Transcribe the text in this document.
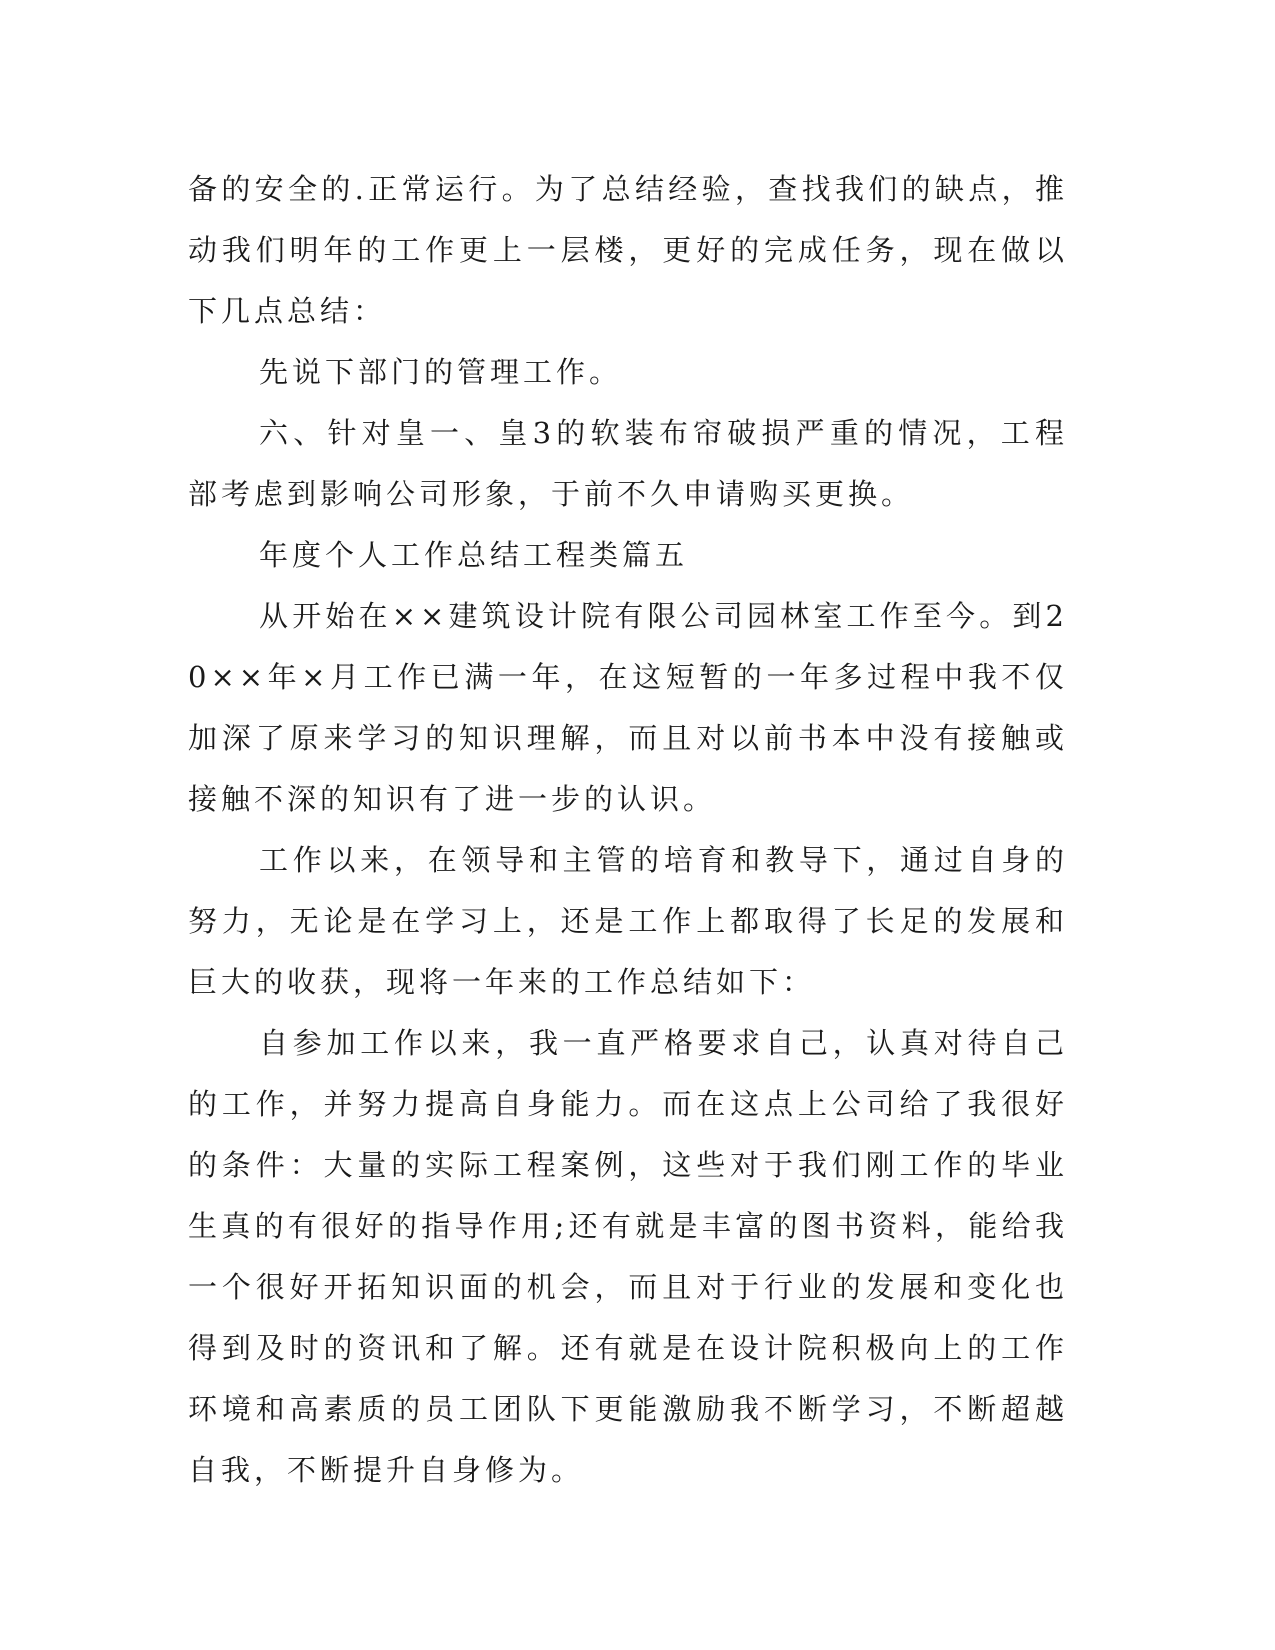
备的安全的.正常运行。为了总结经验，查找我们的缺点，推动我们明年的工作更上一层楼，更好的完成任务，现在做以下几点总结：

先说下部门的管理工作。

六、针对皇一、皇3的软装布帘破损严重的情况，工程部考虑到影响公司形象，于前不久申请购买更换。

年度个人工作总结工程类篇五

从开始在××建筑设计院有限公司园林室工作至今。到20××年×月工作已满一年，在这短暂的一年多过程中我不仅加深了原来学习的知识理解，而且对以前书本中没有接触或接触不深的知识有了进一步的认识。

工作以来，在领导和主管的培育和教导下，通过自身的努力，无论是在学习上，还是工作上都取得了长足的发展和巨大的收获，现将一年来的工作总结如下：

自参加工作以来，我一直严格要求自己，认真对待自己的工作，并努力提高自身能力。而在这点上公司给了我很好的条件：大量的实际工程案例，这些对于我们刚工作的毕业生真的有很好的指导作用;还有就是丰富的图书资料，能给我一个很好开拓知识面的机会，而且对于行业的发展和变化也得到及时的资讯和了解。还有就是在设计院积极向上的工作环境和高素质的员工团队下更能激励我不断学习，不断超越自我，不断提升自身修为。
